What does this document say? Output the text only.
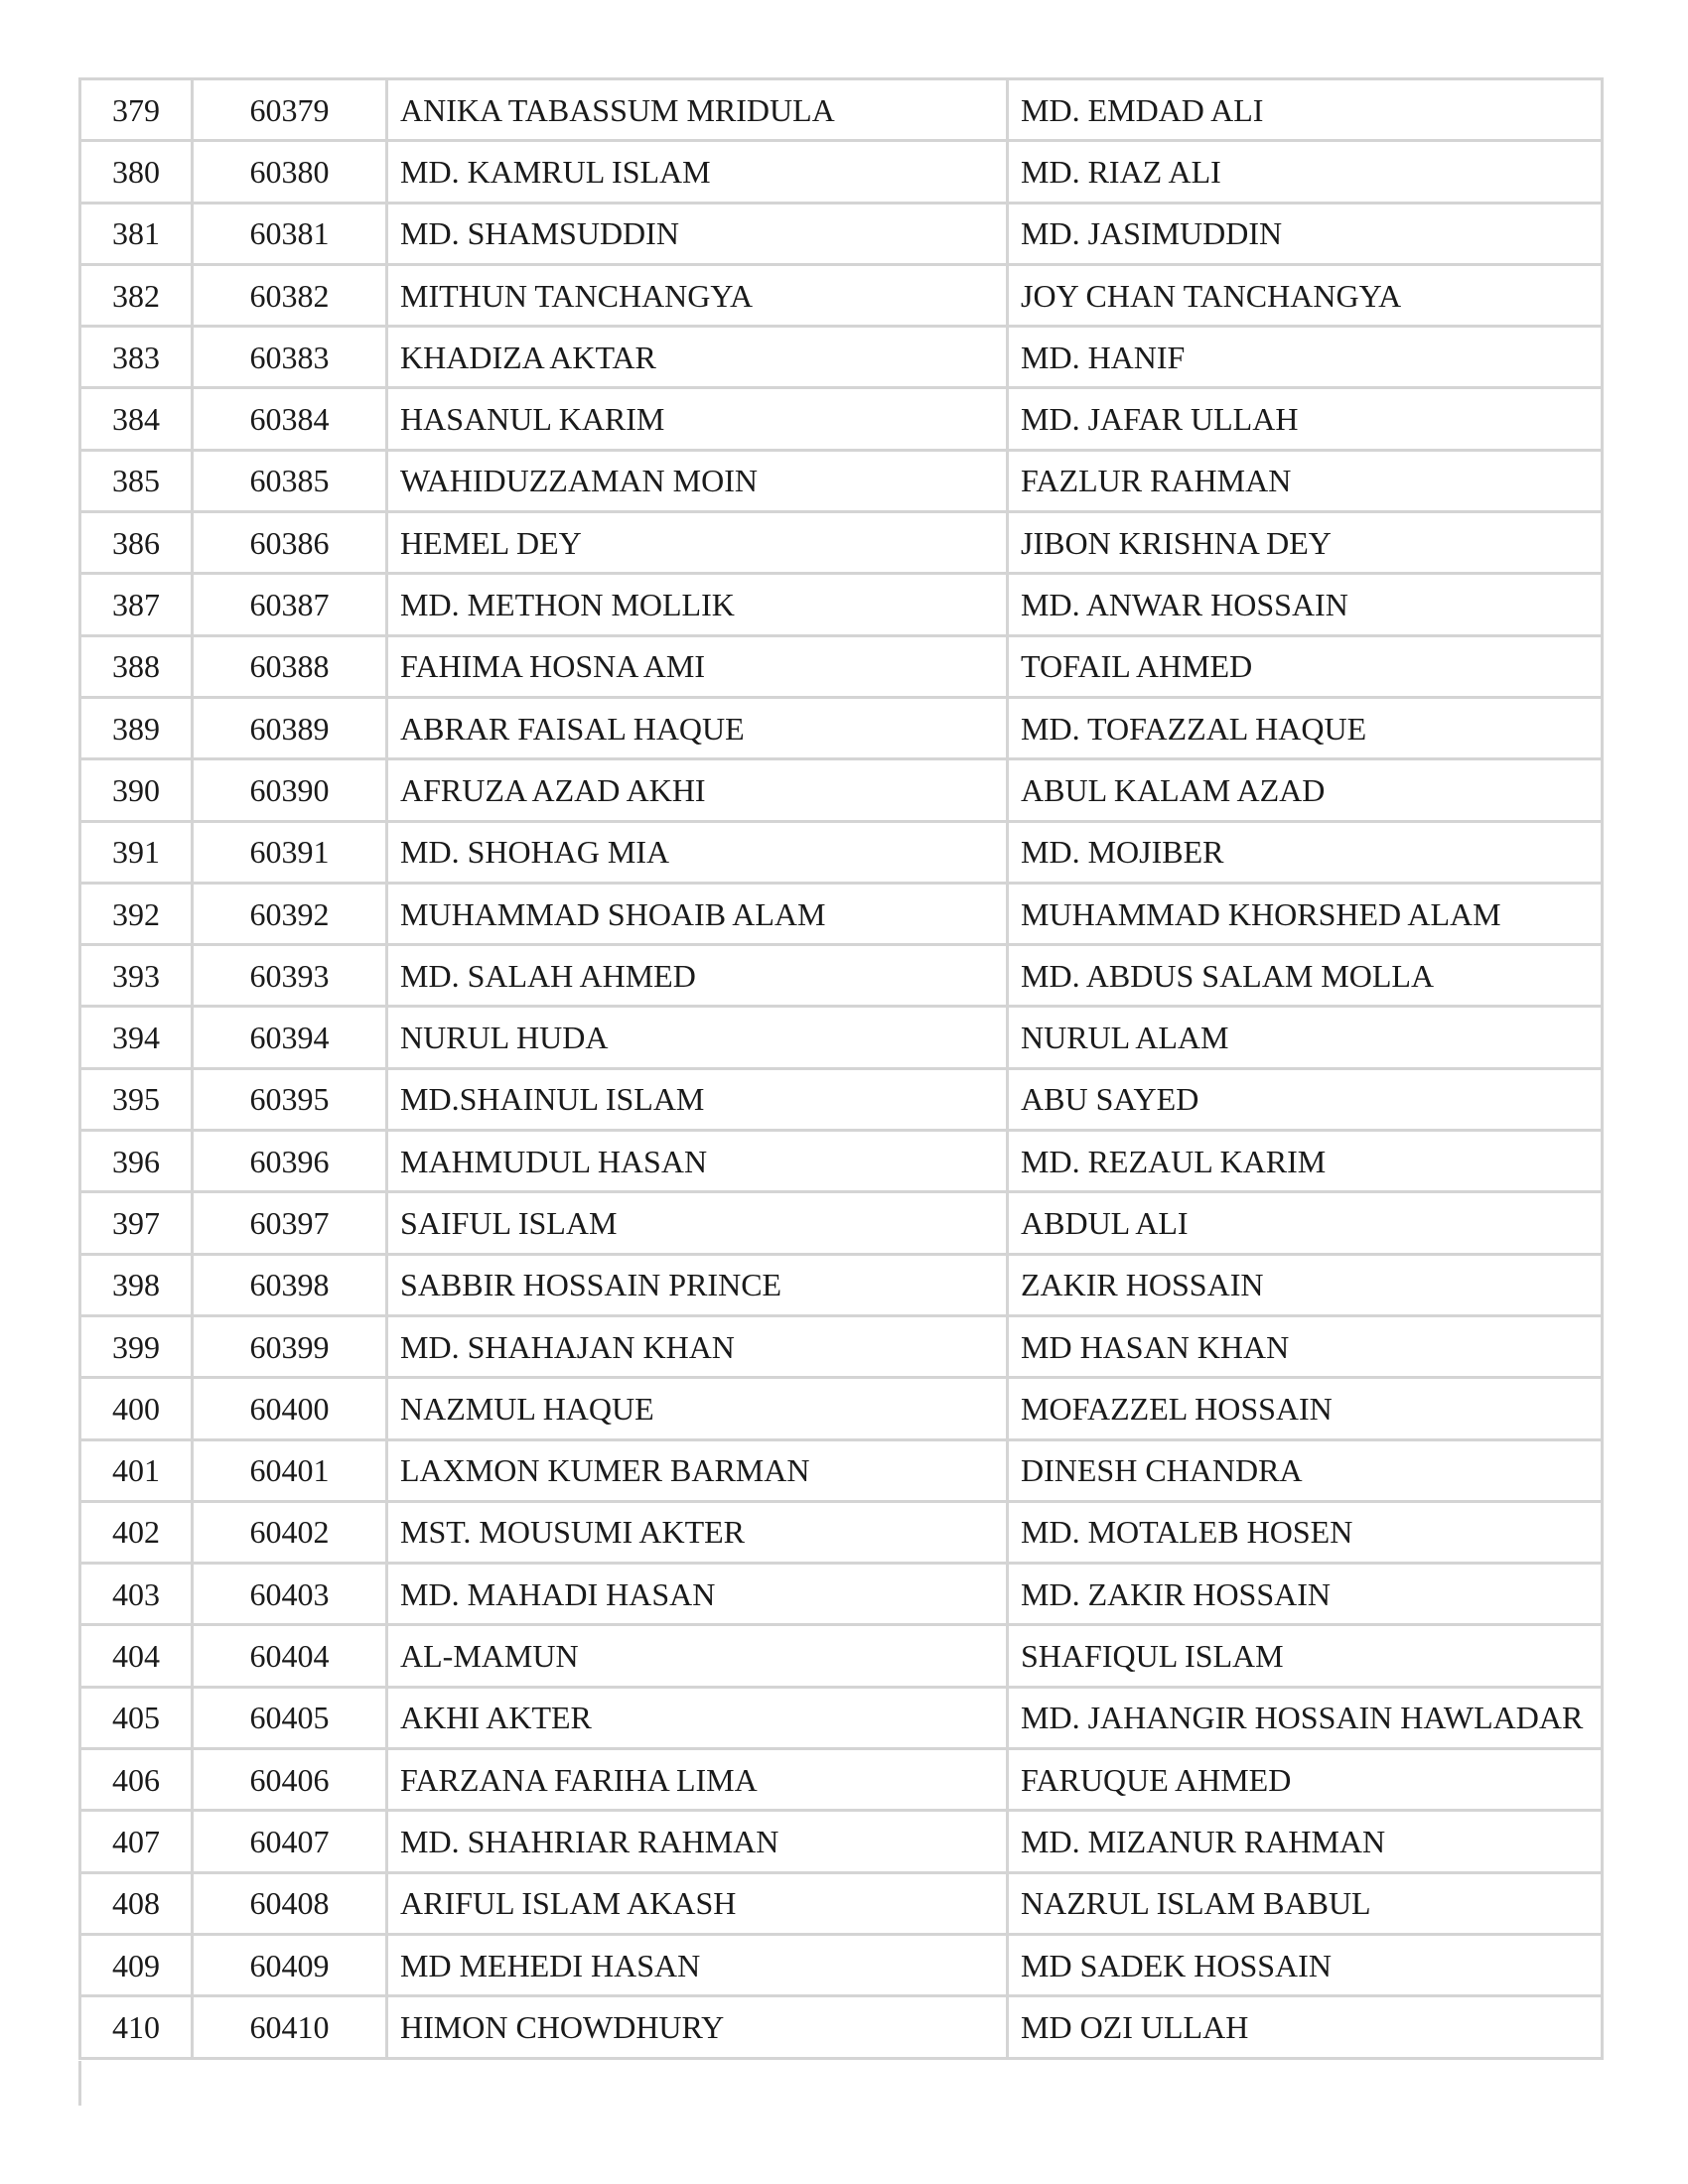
379	60379	ANIKA TABASSUM MRIDULA	MD. EMDAD ALI
380	60380	MD. KAMRUL ISLAM	MD. RIAZ ALI
381	60381	MD. SHAMSUDDIN	MD. JASIMUDDIN
382	60382	MITHUN TANCHANGYA	JOY CHAN TANCHANGYA
383	60383	KHADIZA AKTAR	MD. HANIF
384	60384	HASANUL KARIM	MD. JAFAR ULLAH
385	60385	WAHIDUZZAMAN MOIN	FAZLUR RAHMAN
386	60386	HEMEL DEY	JIBON KRISHNA DEY
387	60387	MD. METHON MOLLIK	MD. ANWAR HOSSAIN
388	60388	FAHIMA HOSNA AMI	TOFAIL AHMED
389	60389	ABRAR FAISAL HAQUE	MD. TOFAZZAL HAQUE
390	60390	AFRUZA AZAD AKHI	ABUL KALAM AZAD
391	60391	MD. SHOHAG MIA	MD. MOJIBER
392	60392	MUHAMMAD SHOAIB ALAM	MUHAMMAD KHORSHED ALAM
393	60393	MD. SALAH AHMED	MD. ABDUS SALAM MOLLA
394	60394	NURUL HUDA	NURUL ALAM
395	60395	MD.SHAINUL ISLAM	ABU SAYED
396	60396	MAHMUDUL HASAN	MD. REZAUL KARIM
397	60397	SAIFUL ISLAM	ABDUL ALI
398	60398	SABBIR HOSSAIN PRINCE	ZAKIR HOSSAIN
399	60399	MD. SHAHAJAN KHAN	MD HASAN KHAN
400	60400	NAZMUL HAQUE	MOFAZZEL HOSSAIN
401	60401	LAXMON KUMER BARMAN	DINESH CHANDRA
402	60402	MST. MOUSUMI AKTER	MD. MOTALEB HOSEN
403	60403	MD. MAHADI HASAN	MD. ZAKIR HOSSAIN
404	60404	AL-MAMUN	SHAFIQUL ISLAM
405	60405	AKHI AKTER	MD. JAHANGIR HOSSAIN HAWLADAR
406	60406	FARZANA FARIHA LIMA	FARUQUE AHMED
407	60407	MD. SHAHRIAR RAHMAN	MD. MIZANUR RAHMAN
408	60408	ARIFUL ISLAM AKASH	NAZRUL ISLAM BABUL
409	60409	MD MEHEDI HASAN	MD SADEK HOSSAIN
410	60410	HIMON CHOWDHURY	MD OZI ULLAH
